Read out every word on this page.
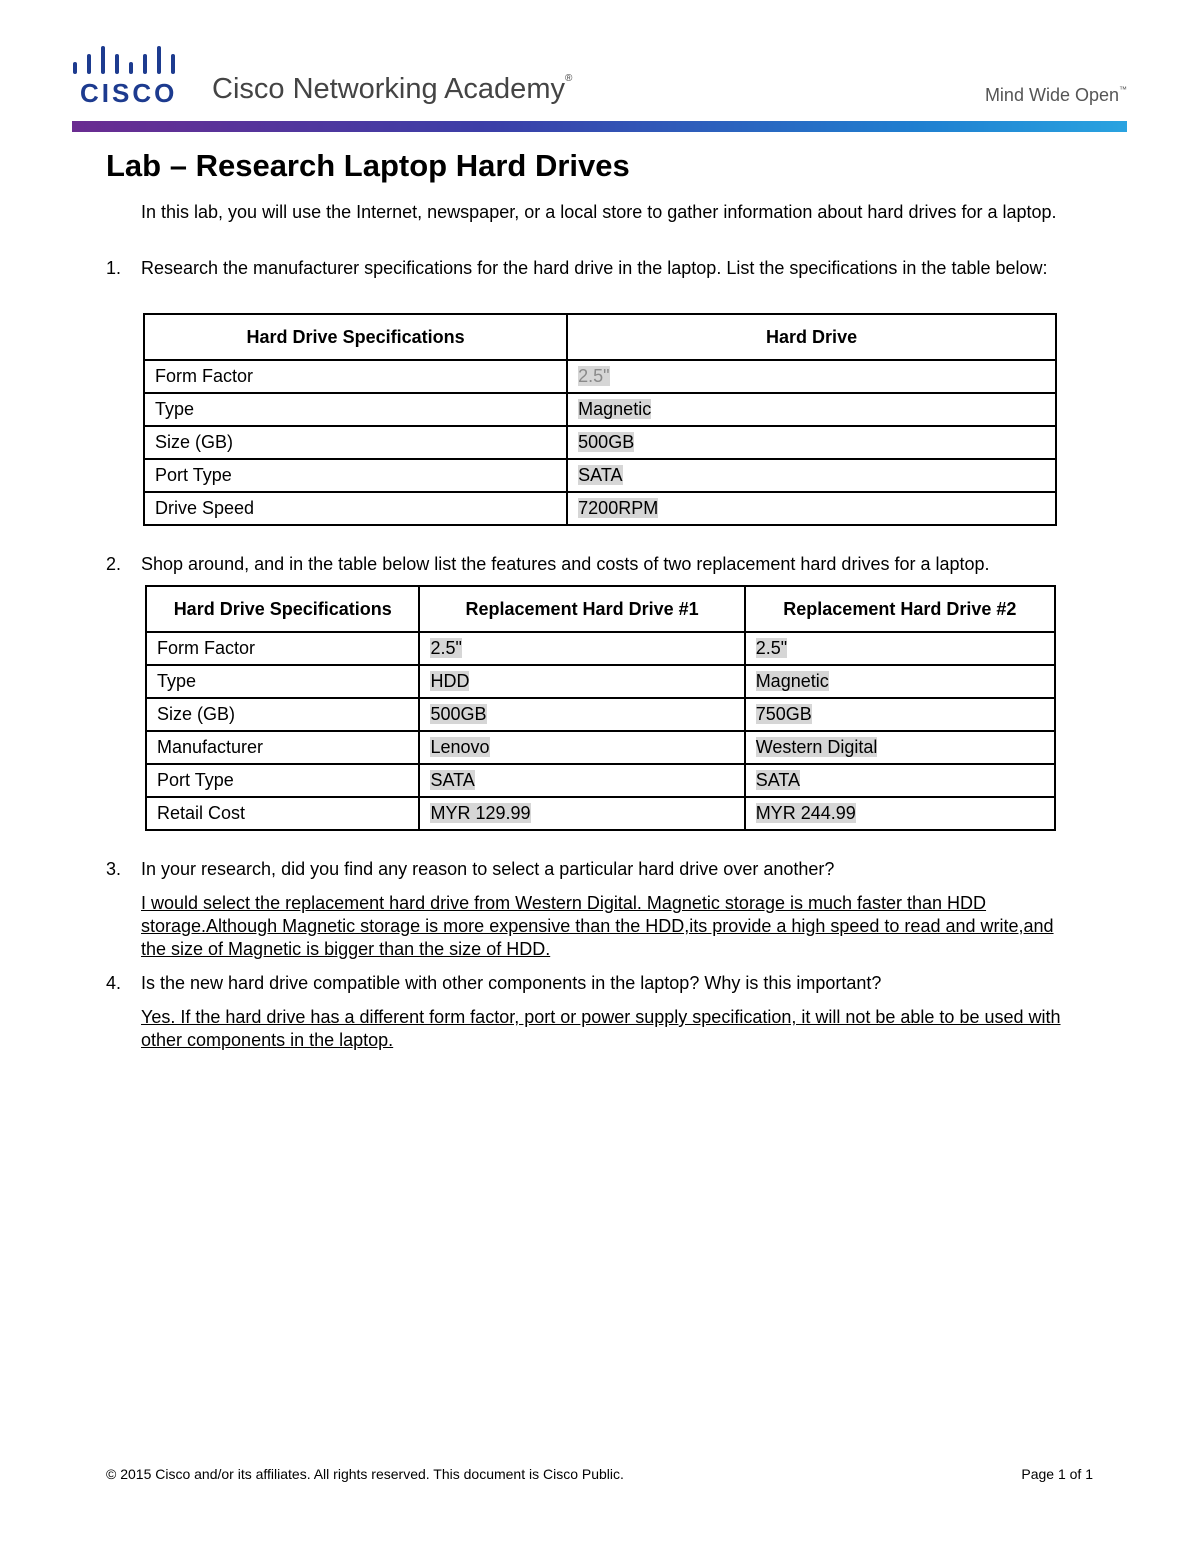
CISCO Cisco Networking Academy®
Mind Wide Open™
Lab – Research Laptop Hard Drives

In this lab, you will use the Internet, newspaper, or a local store to gather information about hard drives for a laptop.

1. Research the manufacturer specifications for the hard drive in the laptop. List the specifications in the table below:

Hard Drive Specifications	Hard Drive
Form Factor	2.5"
Type	Magnetic
Size (GB)	500GB
Port Type	SATA
Drive Speed	7200RPM
2. Shop around, and in the table below list the features and costs of two replacement hard drives for a laptop.

Hard Drive Specifications	Replacement Hard Drive #1	Replacement Hard Drive #2
Form Factor	2.5"	2.5"
Type	HDD	Magnetic
Size (GB)	500GB	750GB
Manufacturer	Lenovo	Western Digital
Port Type	SATA	SATA
Retail Cost	MYR 129.99	MYR 244.99
3. In your research, did you find any reason to select a particular hard drive over another?

I would select the replacement hard drive from Western Digital. Magnetic storage is much faster than HDD storage.Although Magnetic storage is more expensive than the HDD,its provide a high speed to read and write,and the size of Magnetic is bigger than the size of HDD.

4. Is the new hard drive compatible with other components in the laptop? Why is this important?

Yes. If the hard drive has a different form factor, port or power supply specification, it will not be able to be used with other components in the laptop.

© 2015 Cisco and/or its affiliates. All rights reserved. This document is Cisco Public.	Page 1 of 1
